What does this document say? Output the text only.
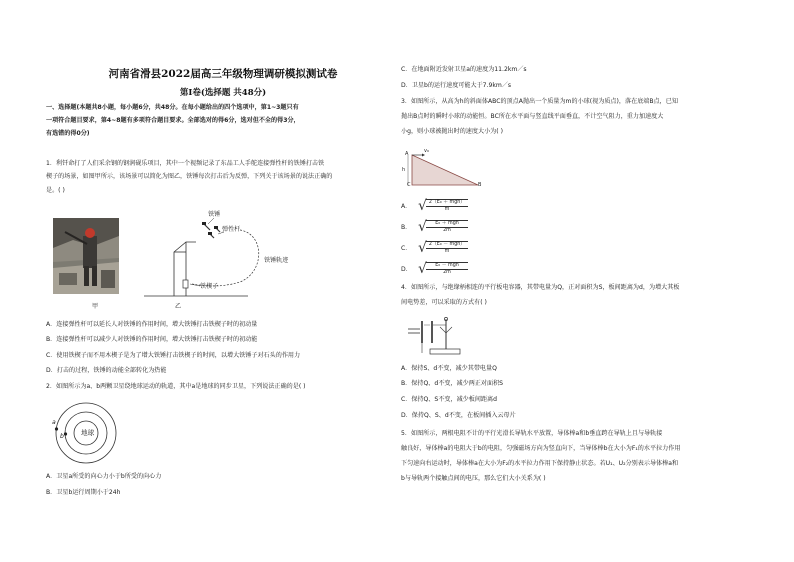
河南省滑县2022届高三年级物理调研模拟测试卷
第Ⅰ卷(选择题 共48分)
一、选择题(本题共8小题，每小题6分，共48分。在每小题给出的四个选项中，第1~3题只有
一项符合题目要求，第4~8题有多项符合题目要求。全部选对的得6分，选对但不全的得3分，
有选错的得0分)
1．利钎命打了人们采余钢的钢润砚乐项目，其中一个视频记录了东品工人手舵连接弹性杆的铁锤打击铁
楔子的场景，如图甲所示，该场景可以简化为图乙，铁锤每次打击后为反弹，下列关于该场景的说法正确的
是。( )
甲
铁锤
弹性杆
铁锤轨迹
铁楔子
乙
A．连接弹性杆可以延长人对铁锤的作用时间，增大铁锤打击铁楔子时的初动量
B．连接弹性杆可以减少人对铁锤的作用时间，增大铁锤打击铁楔子时的初动能
C．使用铁楔子而不用木楔子是为了增大铁锤打击铁楔子的时间，以增大铁锤子对石头的作用力
D．打击的过程，铁锤的动能全部转化为热能
2．如图所示为a、b两颗卫星绕地球运动的轨道，其中a是地球的同步卫星，下列说法正确的是( )
地球
a
b
A．卫星a所受的向心力小于b所受的向心力
B．卫星b运行周期小于24h
C．在地面附近发射卫星a的速度为11.2km／s
D．卫星b的运行速度可能大于7.9km／s
3．如图所示，从高为h的斜面体ABC的顶点A抛出一个质量为m的小球(视为质点)，落在底端B点，已知
抛出B点时的瞬时小球的动能恒。BC所在水平面与竖直线平面垂直，不计空气阻力，重力加速度大
小g，则小球被抛出时的速度大小为( )
A
C	B
v₀
h
A． √ 2（E₀ ＋ mgh）
m
B． √	E₀ ＋ mgh
2m
C． √ 2（E₀ － mgh）
m
D． √	E₀ － mgh
2m
4．如图所示，与绝缘柄相连的平行板电容器，其带电量为Q，正对面积为S，板间距离为d，为增大其板
间电势差，可以采取的方式有( )
A．保持S、d不变，减少其带电量Q
B．保持Q、d不变，减少两正对面积S
C．保持Q、S不变，减少板间距离d
D．保持Q、S、d不变，在板间插入云母片
5．如图所示，两根电阻不计的平行光滑长导轨水平放置，导体棒a和b垂直跨在导轨上且与导轨接
触良好，导体棒a的电阻大于b的电阻，匀强磁场方向为竖直向下，当导体棒b在大小为F₁的水平拉力作用
下匀速向右运动时，导体棒a在大小为F₂的水平拉力作用下保持静止状态。若U₁、U₂分别表示导体棒a和
b与导轨两个接触点间的电压，那么它们大小关系为( )
